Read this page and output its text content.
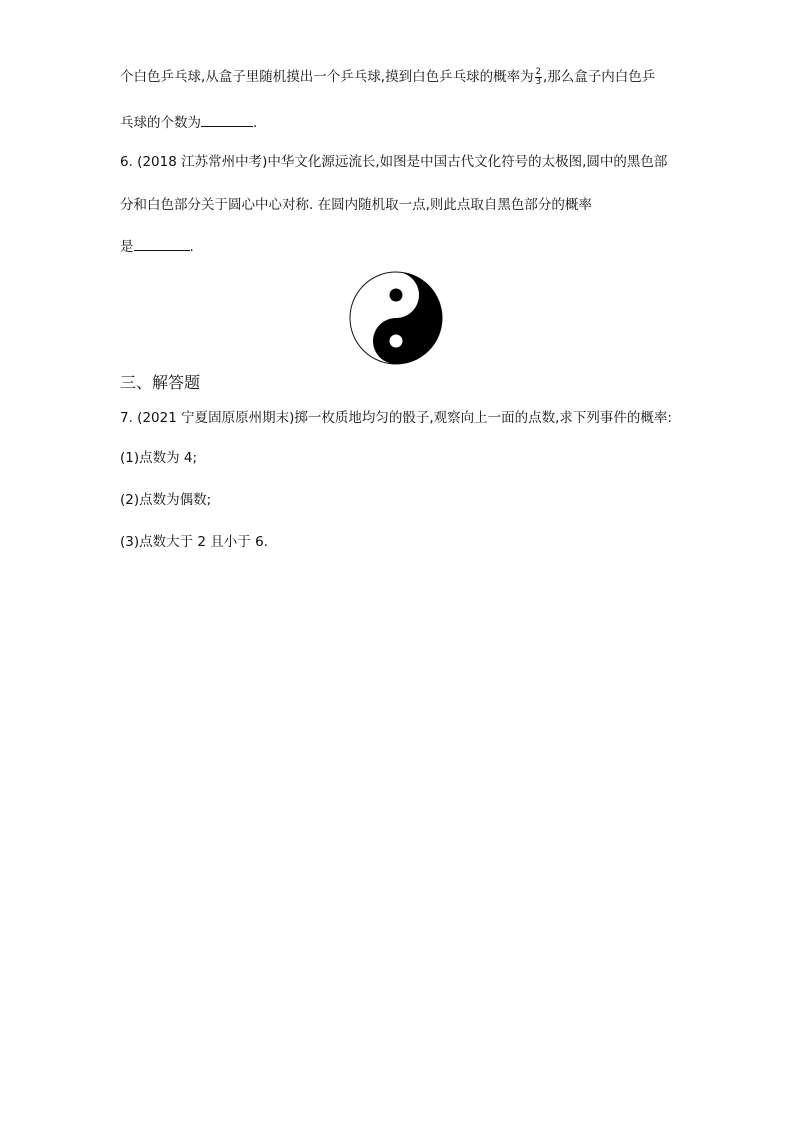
个白色乒乓球,从盒子里随机摸出一个乒乓球,摸到白色乒乓球的概率为 $\frac{2}{3}$ ,那么盒子内白色乒
乓球的个数为	.
6. (2018 江苏常州中考)中华文化源远流长,如图是中国古代文化符号的太极图,圆中的黑色部
分和白色部分关于圆心中心对称. 在圆内随机取一点,则此点取自黑色部分的概率
是	.
三、解答题
7. (2021 宁夏固原原州期末)掷一枚质地均匀的骰子,观察向上一面的点数,求下列事件的概率:
(1)点数为 4;
(2)点数为偶数;
(3)点数大于 2 且小于 6.
